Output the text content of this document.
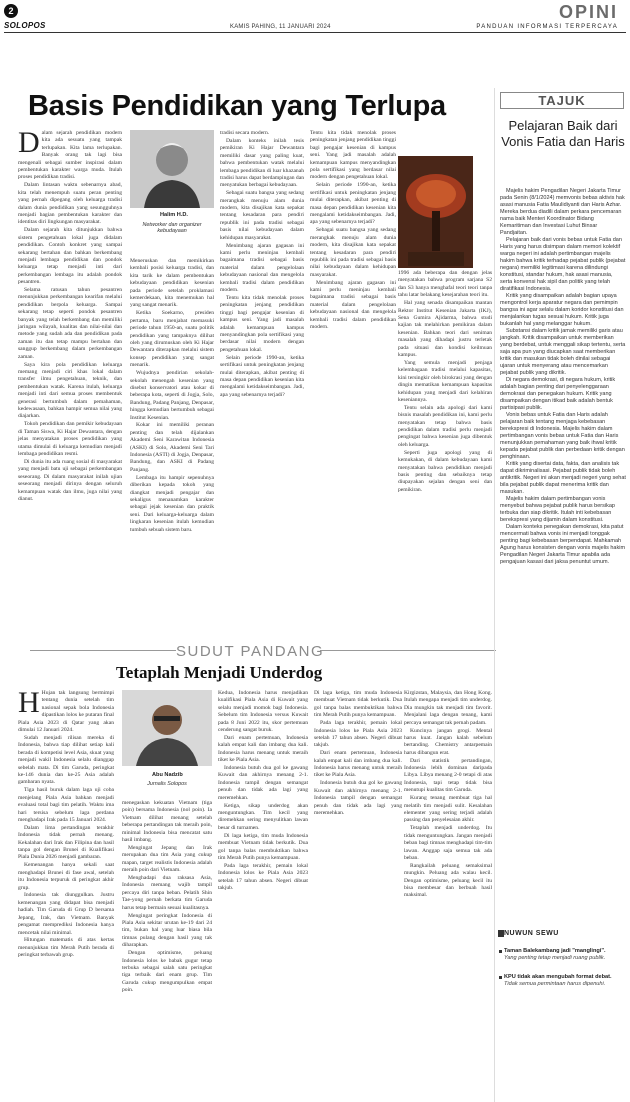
2
SOLOPOS	KAMIS PAHING, 11 JANUARI 2024
OPINI
PANDUAN INFORMASI TERPERCAYA
Basis Pendidikan yang Terlupa

Dalam sejarah pendidikan modern kita ada sesuatu yang tampak terlupakan. Kita lama terlupakan. Banyak orang tak lagi bisa mengenali sebagai sumber inspirasi dalam pembentukan karakter warga muda. Itulah proses pendidikan tradisi.

Dalam lintasan waktu sebenarnya abad, kita telah menempuh suatu peran penting yang pernah dipegang oleh keluarga tradisi dalam dunia pendidikan yang sesungguhnya menjadi bagian pembentukan karakter dan identitas diri lingkungan masyarakat.

Dalam sejarah kita ditunjukkan bahwa sistem pengetahuan lokal juga didalam pendidikan. Contoh konkret yang sampai sekarang bertahan dan bahkan berkembang menjadi lembaga pendidikan dan pondok keluarga tetap menjadi inti dari perkembangan lembaga itu adalah pondok pesantren.

Selama ratusan tahun pesantren menunjukkan perkembangan kearifan melalui pendidikan berpola keluarga. Sampai sekarang tetap seperti pondok pesantren banyak yang telah berkembang dan memiliki jaringan wilayah, kualitas dan nilai-nilai dan metode yang sudah ada dan pendidikan pada zaman itu dan tetap mampu bertahan dan sanggup berkembang dalam perkembangan zaman.

Saya kira pola pendidikan keluarga memang menjadi ciri khas lokal dalam transfer ilmu pengetahuan, teknik, dan pembentukan watak. Karena itulah, keluarga menjadi inti dari semua proses membentuk generasi bertumbuh dalam pemahaman, kedewasaan, bahkan hampir semua nilai yang diajarkan.

Tokoh pendidikan dan pemikir kebudayaan di Taman Siswa, Ki Hajar Dewantara, dengan jelas menyatakan proses pendidikan yang utama dimulai di keluarga kemudian menjadi lembaga pendidikan resmi.

Di dunia itu ada ruang sosial di masyarakat yang menjadi batu uji sebagai perkembangan seseorang. Di dalam masyarakat inilah ujian seseorang menjadi dirinya dengan seluruh kemampuan watak dan ilmu, juga nilai yang dianut.

Halim H.D.
Networker dan organizer kebudayaan

Meneruskan dan memikirkan kembali posisi keluarga tradisi, dan kita tarik ke dalam pembentukan kebudayaan pendidikan kesenian pada periode setelah proklamasi kemerdekaan, kita menemukan hal yang sangat menarik.

Ketika Soekarno, presiden pertama, baru menjabat memasuki periode tahun 1950-an, suatu politik pendidikan yang tampaknya dilihat oleh yang dirumuskan oleh Ki Hajar Dewantara diterapkan melalui sistem konsep pendidikan yang sangat menarik.

Wujudnya pendirian sekolah-sekolah menengah kesenian yang disebut konservatori atau kokar di beberapa kota, seperti di Jogja, Solo, Bandung, Padang Panjang, Denpasar, hingga kemudian bertumbuh sebagai Institut Kesenian.

Kokar ini memiliki peranan penting dan telah dijalankan Akademi Seni Karawitan Indonesia (ASKI) di Solo, Akademi Seni Tari Indonesia (ASTI) di Jogja, Denpasar, Bandung, dan ASKI di Padang Panjang.

Lembaga itu hampir sepenuhnya diberikan kepada tokoh yang diangkat menjadi pengajar dan sekaligus menanamkan karakter sebagai jejak kesenian dan praktik seni. Dari keluarga-keluarga dalam lingkaran kesenian itulah kemudian tumbuh sebuah sistem baru.

tradisi secara modern.

Dalam konteks inilah tesis pemikiran Ki Hajar Dewantara memiliki dasar yang paling kuat, bahwa pembentukan watak melalui lembaga pendidikan di luar khazanah tradisi harus dapat berdampingan dan menyatukan berbagai kebudayaan.

Sebagai suatu bangsa yang sedang merangkak menuju alam dunia modern, kita disajikan kata sepakat tentang kesadaran para pendiri republik ini pada tradisi sebagai basis nilai kebudayaan dalam kehidupan masyarakat.

Menimbang ajaran gagasan ini kami perlu meninjau kembali bagaimana tradisi sebagai basis material dalam pengelolaan kebudayaan nasional dan mengelola kembali tradisi dalam pendidikan modern.

Tentu kita tidak menolak proses peningkatan jenjang pendidikan tinggi bagi pengajar kesenian di kampus seni. Yang jadi masalah adalah kemampuan kampus menyandingkan pola sertifikasi yang berdasar nilai modern dengan pengetahuan lokal.

Selain periode 1990-an, ketika sertifikasi untuk peningkatan jenjang mulai diterapkan, akibat penting di masa depan pendidikan kesenian kita mengalami ketidakseimbangan. Jadi, apa yang sebenarnya terjadi?

Tentu kita tidak menolak proses peningkatan jenjang pendidikan tinggi bagi pengajar kesenian di kampus seni. Yang jadi masalah adalah kemampuan kampus menyandingkan pola sertifikasi yang berdasar nilai modern dengan pengetahuan lokal.

Selain periode 1990-an, ketika sertifikasi untuk peningkatan jenjang mulai diterapkan, akibat penting di masa depan pendidikan kesenian kita mengalami ketidakseimbangan. Jadi, apa yang sebenarnya terjadi?

Sebagai suatu bangsa yang sedang merangkak menuju alam dunia modern, kita disajikan kata sepakat tentang kesadaran para pendiri republik ini pada tradisi sebagai basis nilai kebudayaan dalam kehidupan masyarakat.

Menimbang ajaran gagasan ini kami perlu meninjau kembali bagaimana tradisi sebagai basis material dalam pengelolaan kebudayaan nasional dan mengelola kembali tradisi dalam pendidikan modern.

1996 ada beberapa dan dengan jelas menyatakan bahwa program sarjana S2 dan S3 hanya menghafal teori teori tanpa tahu latar belakang kesejarahan teori itu.

Hal yang senada disampaikan mantan Rektor Institut Kesenian Jakarta (IKJ), Sena Gumira Ajidarma, bahwa studi kajian tak melahirkan pemikiran dalam kesenian. Bahkan teori dari seniman masalah yang dihadapi justru terletak pada situasi dan kondisi keilmuan kampus.

Yang semula menjadi penjaga kelembagaan tradisi melalui kapasitas, kini tersingkir oleh birokrasi yang dengan dingin mematikan kemampuan kapasitas kehidupan yang menjadi dari kelahiran keseniannya.

Tentu selain ada apologi dari kami bisnis masalah pendidikan ini, kami perlu menyatakan tetap bahwa basis pendidikan dalam tradisi perlu menjadi pengingat bahwa kesenian juga dibentuk oleh keluarga.

Seperti juga apologi yang di kemukakan, di dalam kebudayaan kami menyatakan bahwa pendidikan menjadi basis penting dan sebaiknya tetap diupayakan sejalan dengan seni dan pemikiran.

SUDUT PANDANG
Tetaplah Menjadi Underdog

H Hujan tak langsung bermimpi tentang dunia setelah tim nasional sepak bola Indonesia dipastikan lolos ke putaran final Piala Asia 2023 di Qatar yang akan dimulai 12 Januari 2024.

Sudah menjadi rilisan mereka di Indonesia, bahwa tiap dilihat setiap kali berada di kompetisi level Asia, skuat yang menjadi wakil Indonesia selalu dianggap sebelah mata. Di tim Garuda, peringkat ke-146 dunia dan ke-25 Asia adalah gambaran nyata.

Tiga hasil buruk dalam laga uji coba menjelang Piala Asia bahkan menjadi evaluasi total bagi tim pelatih. Waktu ima hari tersisa sebelum laga perdana menghadapi Irak pada 15 Januari 2024.

Dalam lima pertandingan terakhir Indonesia tidak pernah menang. Kekalahan dari Irak dan Filipina dan hasil tanpa gol dengan Brunei di Kualifikasi Piala Dunia 2026 menjadi gambaran.

Kemenangan hanya sekali saat menghadapi Brunei di fase awal, setelah itu Indonesia terpuruk di peringkat akhir grup.

Indonesia tak diunggulkan. Justru kemenangan yang didapat bisa menjadi hadiah. Tim Garuda di Grup D bersama Jepang, Irak, dan Vietnam. Banyak pengamat memprediksi Indonesia hanya mencetak nilai minimal.

Hitungan matematis di atas kertas menunjukkan tim Merah Putih berada di peringkat terbawah grup.

Abu Nadzib
Jurnalis Solopos

menegaskan kekuatan Vietnam (tiga poin) bersama Indonesia (nol poin). Ia Vietnam dilihat menang setelah beberapa pertandingan tak meraih poin, minimal Indonesia bisa mencatat satu hasil imbang.

Mengingat Jepang dan Irak merupakan dua tim Asia yang cukup mapan, target realistis Indonesia adalah meraih poin dari Vietnam.

Menghadapi dua raksasa Asia, Indonesia memang wajib tampil percaya diri tanpa beban. Pelatih Shin Tae-yong pernah berkata tim Garuda harus tetap bermain sesuai kualitasnya.

Mengingat peringkat Indonesia di Piala Asia sekitar urutan ke-19 dari 24 tim, bukan hal yang luar biasa bila timnas pulang dengan hasil yang tak diharapkan.

Dengan optimisme, peluang Indonesia lolos ke babak gugur tetap terbuka sebagai salah satu peringkat tiga terbaik dari enam grup. Tim Garuda cukup mengumpulkan empat poin.

Kedua, Indonesia harus menjadikan kualifikasi Piala Asia di Kuwait yang selalu menjadi momok bagi Indonesia. Sebelum tim Indonesia versus Kuwait pada 8 Juni 2022 itu, skor pertemuan cenderung sangat buruk.

Dari enam pertemuan, Indonesia kalah empat kali dan imbang dua kali. Indonesia harus menang untuk meraih tiket ke Piala Asia.

Indonesia butuh dua gol ke gawang Kuwait dan akhirnya menang 2-1. Indonesia tampil dengan semangat penuh dan tidak ada lagi yang meremehkan.

Ketiga, sikap underdog akan menguntungkan. Tim kecil yang diremehkan sering menyulitkan lawan besar di turnamen.

Di laga ketiga, tim muda Indonesia membuat Vietnam tidak berkutik. Dua gol tanpa balas membuktikan bahwa tim Merah Putih punya kemampuan.

Pada laga terakhir, pemain lokal Indonesia lolos ke Piala Asia 2023 setelah 17 tahun absen. Negeri dibuat takjub.

Di laga ketiga, tim muda Indonesia membuat Vietnam tidak berkutik. Dua gol tanpa balas membuktikan bahwa tim Merah Putih punya kemampuan.

Pada laga terakhir, pemain lokal Indonesia lolos ke Piala Asia 2023 setelah 17 tahun absen. Negeri dibuat takjub.

Dari enam pertemuan, Indonesia kalah empat kali dan imbang dua kali. Indonesia harus menang untuk meraih tiket ke Piala Asia.

Indonesia butuh dua gol ke gawang Kuwait dan akhirnya menang 2-1. Indonesia tampil dengan semangat penuh dan tidak ada lagi yang meremehkan.

Kirgizstan, Malaysia, dan Hong Kong. Itulah mengapa menjadi tim underdog. Dia mungkin tak menjadi tim favorit. Menjalani laga dengan tenang, kami percaya semangat tak pernah padam.

Kuncinya jangan grogi. Mental harus kuat. Jangan kalah sebelum bertanding. Chemistry antarpemain harus dibangun erat.

Dari statistik pertandingan, Indonesia lebih dominan daripada Libya. Libya menang 2-0 tetapi di atas Indonesia, tapi tetap tidak bisa menutupi kualitas tim Garuda.

Kurang tenang membuat tiga hal melatih tim menjadi sulit. Kesalahan elementer yang sering terjadi adalah passing dan penyelesaian akhir.

Tetaplah menjadi underdog. Itu tidak menguntungkan. Jangan menjadi beban bagi timnas menghadapi tim-tim lawan. Anggap saja semua tak ada beban.

Rangkailah peluang semaksimal mungkin. Peluang ada walau kecil. Dengan optimisme, peluang kecil itu bisa membesar dan berbuah hasil maksimal.

TAJUK
Pelajaran Baik dari Vonis Fatia dan Haris

Majelis hakim Pengadilan Negeri Jakarta Timur pada Senin (8/1/2024) memvonis bebas aktivis hak asasi manusia Fatia Maulidiyanti dan Haris Azhar. Mereka berdua diadili dalam perkara pencemaran nama baik Menteri Koordinator Bidang Kemaritiman dan Investasi Luhut Binsar Pandjaitan.

Pelajaran baik dari vonis bebas untuk Fatia dan Haris yang harus disimpan dalam memori kolektif warga negeri ini adalah pertimbangan majelis hakim bahwa kritik terhadap pejabat publik (pejabat negara) memiliki legitimasi karena dilindungi konstitusi, standar hukum, hak asasi manusia, serta konvensi hak sipil dan politik yang telah diratifikasi Indonesia.

Kritik yang disampaikan adalah bagian upaya mengontrol kerja aparatur negara dan pemimpin bangsa ini agar selalu dalam koridor konstitusi dan menjalankan tugas sesuai hukum. Kritik juga bukanlah hal yang melanggar hukum.

Substansi dalam kritik jamak memiliki garis atau jangkah. Kritik disampaikan untuk memberikan yang berdebat, untuk menggali sikap tertentu, serta saja apa pun yang diucapkan saat memberikan kritik dan masukan tidak boleh dinilai sebagai ujaran untuk menyerang atau mencemarkan pejabat publik yang dikritik.

Di negara demokrasi, di negara hukum, kritik adalah bagian penting dari penyelenggaraan demokrasi dan penegakan hukum. Kritik yang disampaikan dengan itikad baik adalah bentuk partisipasi publik.

Vonis bebas untuk Fatia dan Haris adalah pelajaran baik tentang menjaga kebebasan berekspresi di Indonesia. Majelis hakim dalam pertimbangan vonis bebas untuk Fatia dan Haris menunjukkan pemahaman yang baik ihwal kritik kepada pejabat publik dan perbedaan kritik dengan penghinaan.

Kritik yang disertai data, fakta, dan analisis tak dapat dikriminalisasi. Pejabat publik tidak boleh antikritik. Negeri ini akan menjadi negeri yang sehat bila pejabat publik dapat menerima kritik dan masukan.

Majelis hakim dalam pertimbangan vonis menyebut bahwa pejabat publik harus bersikap terbuka dan siap dikritik. Itulah inti kebebasan berekspresi yang dijamin dalam konstitusi.

Dalam konteks penegakan demokrasi, kita patut mencermati bahwa vonis ini menjadi tonggak penting bagi kebebasan berpendapat. Mahkamah Agung harus konsisten dengan vonis majelis hakim Pengadilan Negeri Jakarta Timur apabila ada pengajuan kasasi dari jaksa penuntut umum.

NUWUN SEWU
Taman Balekambang jadi "manglingi".
Yang penting tetap menjadi ruang publik.
KPU tidak akan mengubah format debat.
Tidak semua permintaan harus dipenuhi.
